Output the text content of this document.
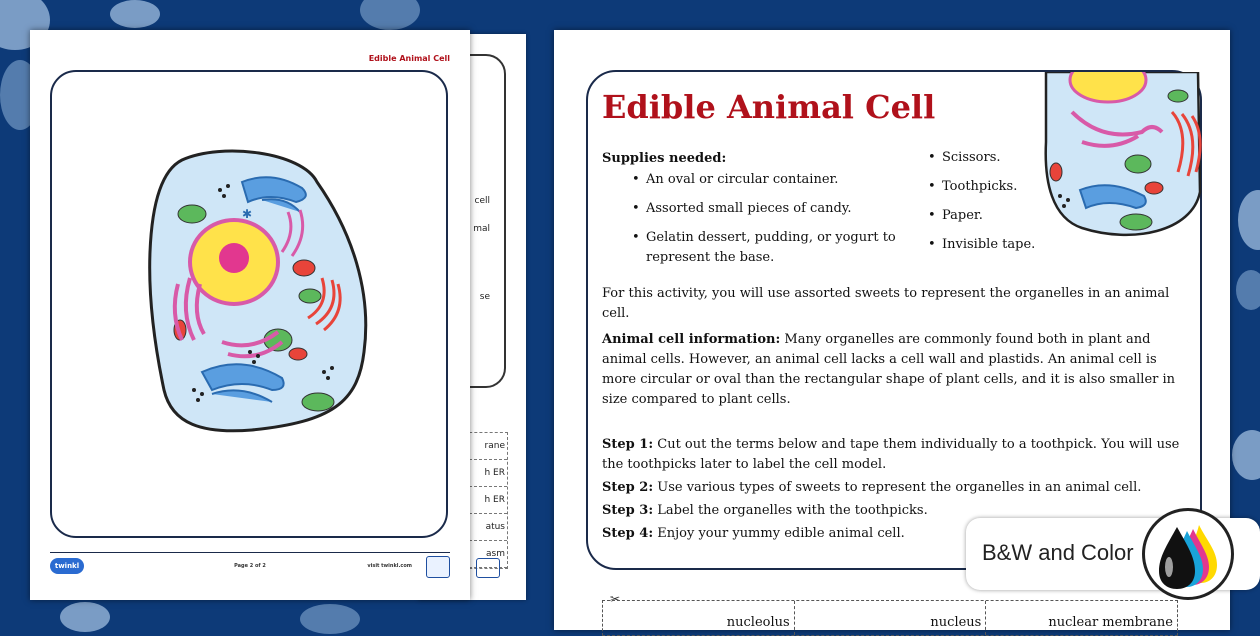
cell
mal
se
rane
h ER
h ER
atus
asm
Edible Animal Cell
✱
twinkl	Page 2 of 2	visit twinkl.com
Edible Animal Cell
Supplies needed:
• An oval or circular container.
• Assorted small pieces of candy.
• Gelatin dessert, pudding, or yogurt to represent the base.
• Scissors.
• Toothpicks.
• Paper.
• Invisible tape.
For this activity, you will use assorted sweets to represent the organelles in an animal cell.
Animal cell information: Many organelles are commonly found both in plant and animal cells. However, an animal cell lacks a cell wall and plastids. An animal cell is more circular or oval than the rectangular shape of plant cells, and it is also smaller in size compared to plant cells.
Step 1: Cut out the terms below and tape them individually to a toothpick. You will use the toothpicks later to label the cell model.
Step 2: Use various types of sweets to represent the organelles in an animal cell.
Step 3: Label the organelles with the toothpicks.
Step 4: Enjoy your yummy edible animal cell.
✂
nucleolus	nucleus	nuclear membrane
B&W and Color
